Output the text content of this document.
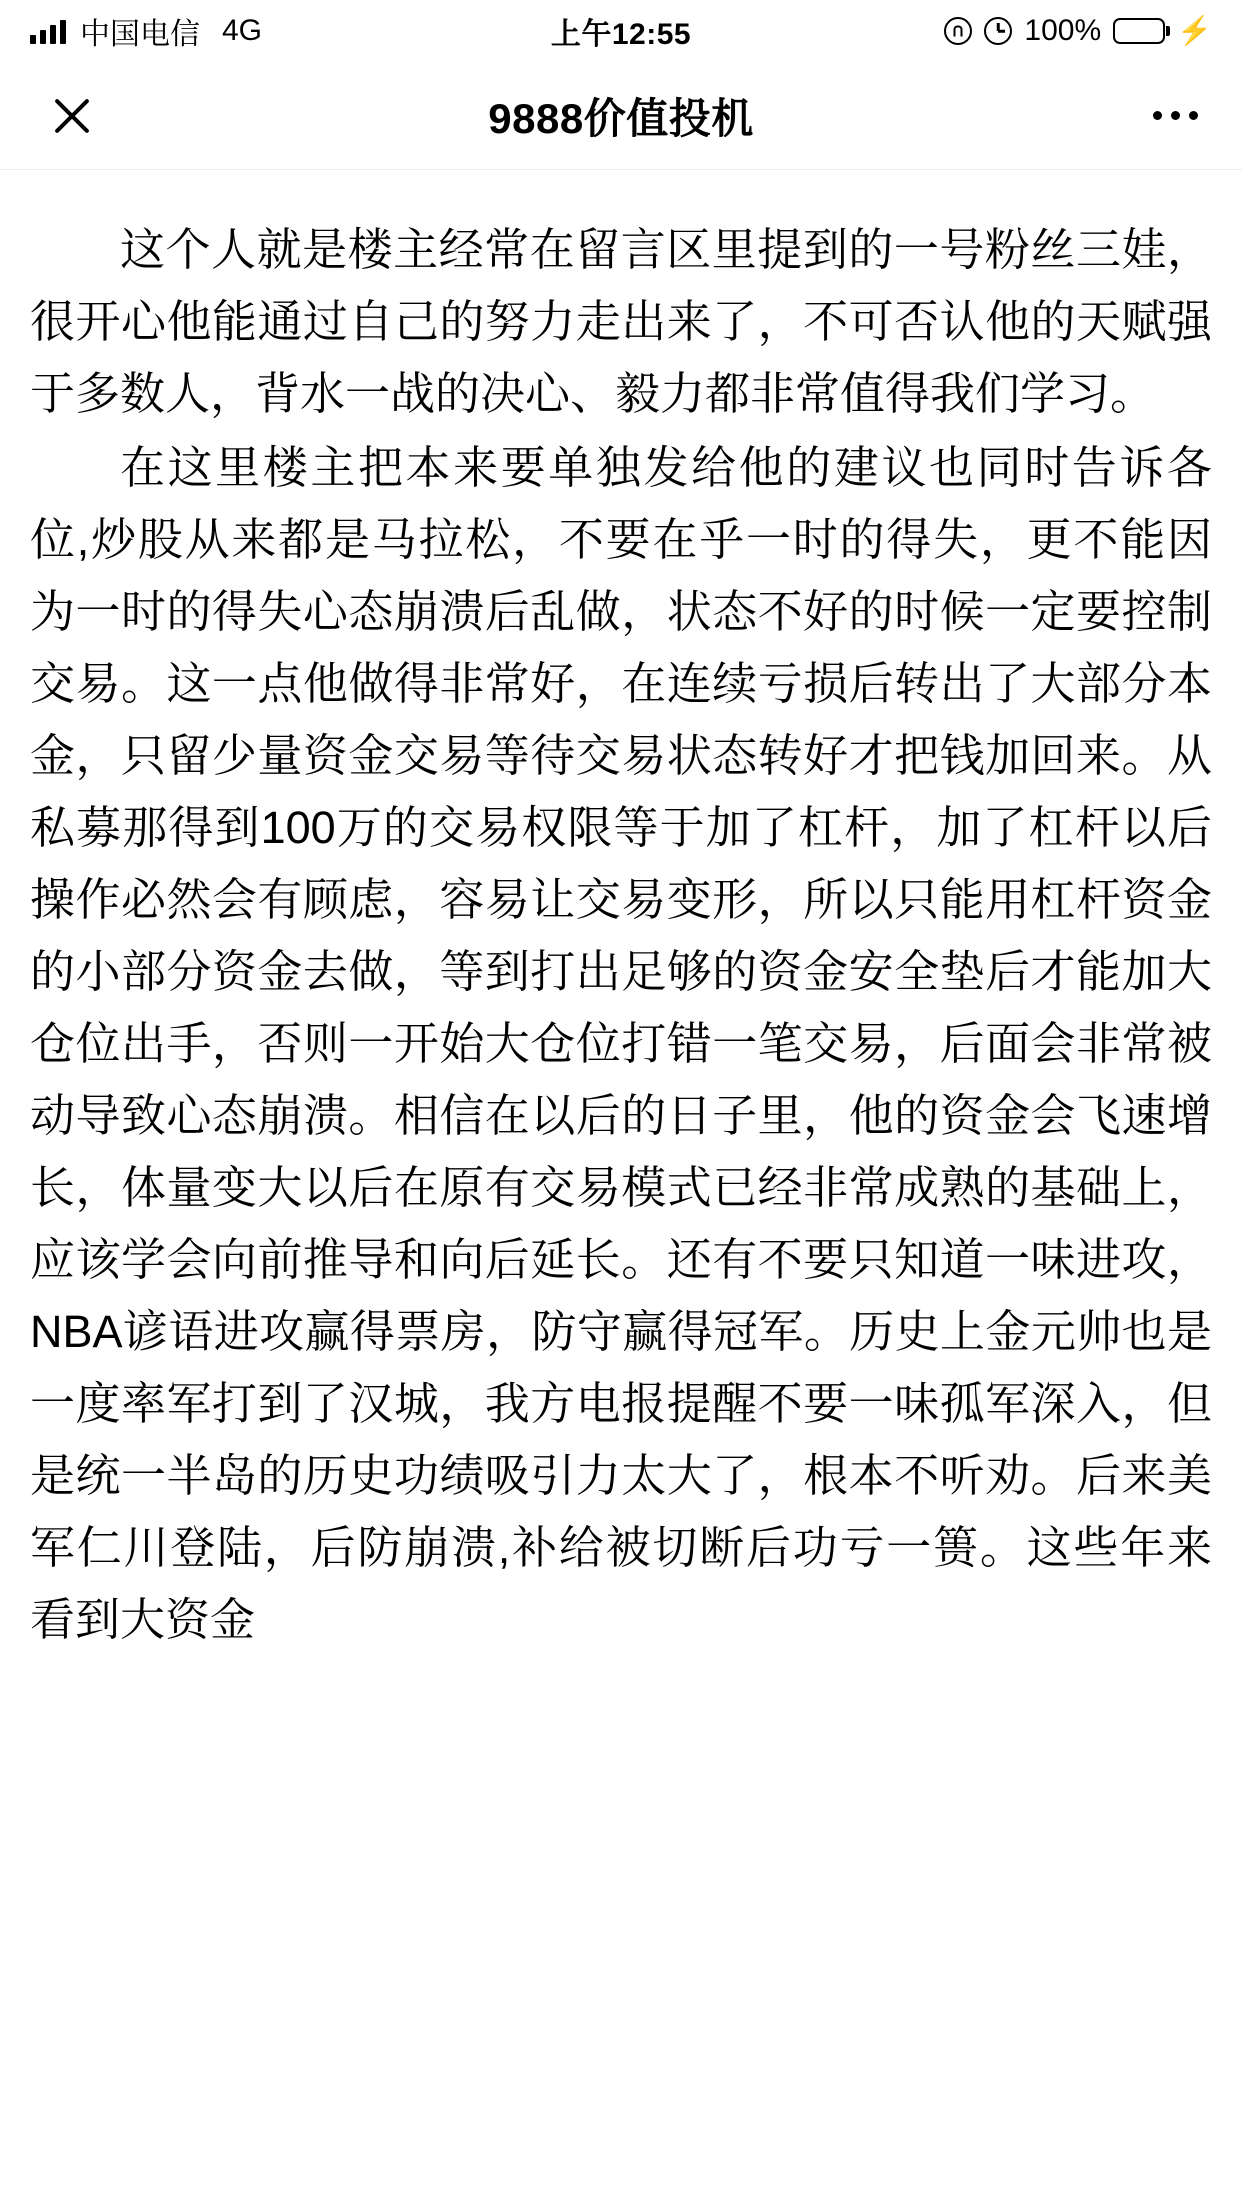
中国电信 4G	上午12:55	100%	⚡
9888价值投机

这个人就是楼主经常在留言区里提到的一号粉丝三娃，很开心他能通过自己的努力走出来了，不可否认他的天赋强于多数人，背水一战的决心、毅力都非常值得我们学习。

在这里楼主把本来要单独发给他的建议也同时告诉各位,炒股从来都是马拉松，不要在乎一时的得失，更不能因为一时的得失心态崩溃后乱做，状态不好的时候一定要控制交易。这一点他做得非常好，在连续亏损后转出了大部分本金，只留少量资金交易等待交易状态转好才把钱加回来。从私募那得到100万的交易权限等于加了杠杆，加了杠杆以后操作必然会有顾虑，容易让交易变形，所以只能用杠杆资金的小部分资金去做，等到打出足够的资金安全垫后才能加大仓位出手，否则一开始大仓位打错一笔交易，后面会非常被动导致心态崩溃。相信在以后的日子里，他的资金会飞速增长，体量变大以后在原有交易模式已经非常成熟的基础上，应该学会向前推导和向后延长。还有不要只知道一味进攻，NBA谚语进攻赢得票房，防守赢得冠军。历史上金元帅也是一度率军打到了汉城，我方电报提醒不要一味孤军深入，但是统一半岛的历史功绩吸引力太大了，根本不听劝。后来美军仁川登陆，后防崩溃,补给被切断后功亏一篑。这些年来看到大资金
